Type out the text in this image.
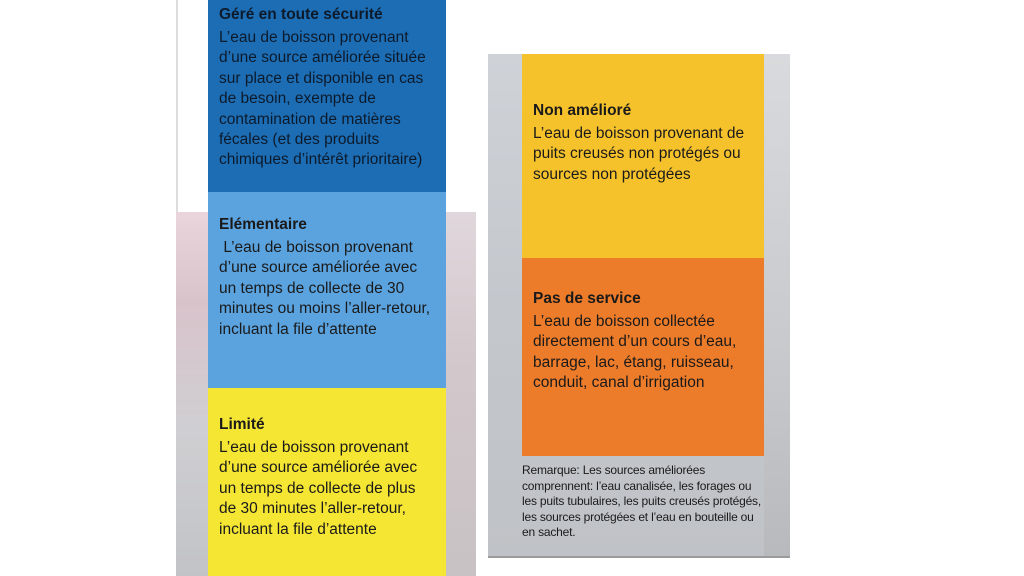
Géré en toute sécurité

L’eau de boisson provenant d’une source améliorée située sur place et disponible en cas de besoin, exempte de contamination de matières fécales (et des produits chimiques d’intérêt prioritaire)

Elémentaire

L’eau de boisson provenant d’une source améliorée avec un temps de collecte de 30 minutes ou moins l’aller-retour, incluant la file d’attente

Limité

L’eau de boisson provenant d’une source améliorée avec un temps de collecte de plus de 30 minutes l’aller-retour, incluant la file d’attente

Non amélioré

L’eau de boisson provenant de puits creusés non protégés ou sources non protégées

Pas de service

L’eau de boisson collectée directement d’un cours d’eau, barrage, lac, étang, ruisseau, conduit, canal d’irrigation

Remarque: Les sources améliorées comprennent: l’eau canalisée, les forages ou les puits tubulaires, les puits creusés protégés, les sources protégées et l’eau en bouteille ou en sachet.
